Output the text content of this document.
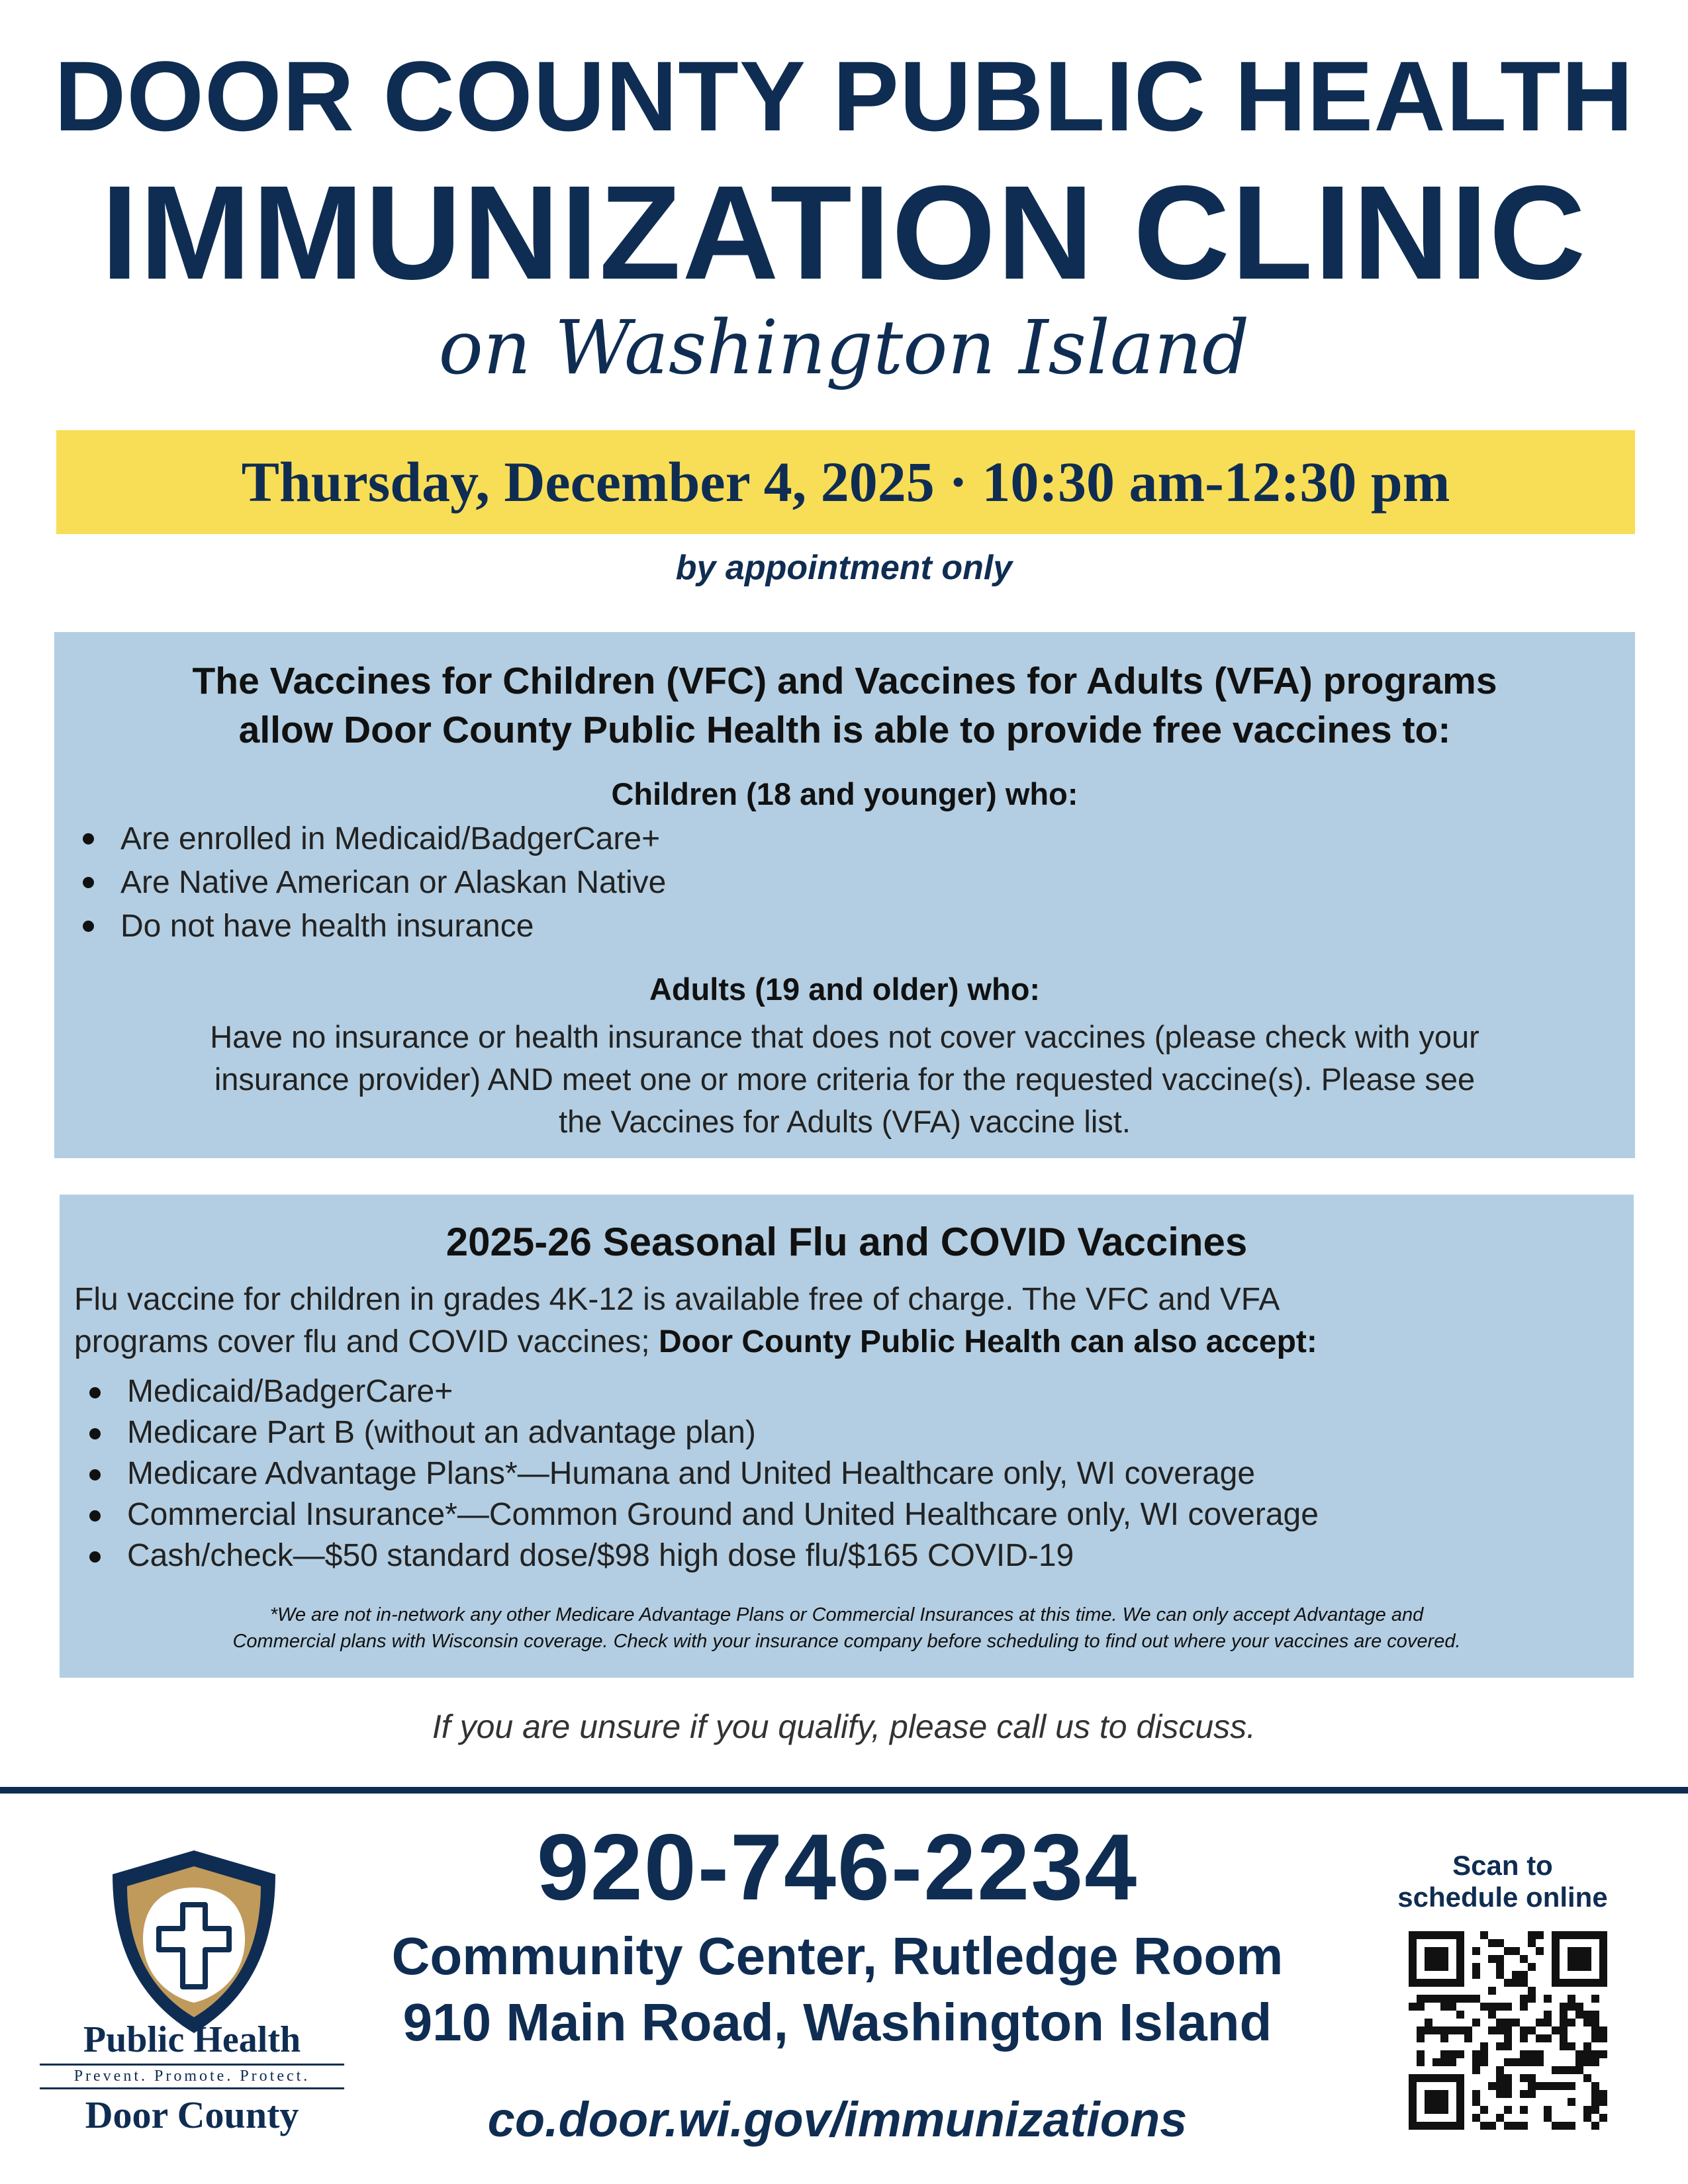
DOOR COUNTY PUBLIC HEALTH
IMMUNIZATION CLINIC
on Washington Island
Thursday, December 4, 2025 · 10:30 am-12:30 pm
by appointment only
The Vaccines for Children (VFC) and Vaccines for Adults (VFA) programs
allow Door County Public Health is able to provide free vaccines to:
Children (18 and younger) who:
Are enrolled in Medicaid/BadgerCare+
Are Native American or Alaskan Native
Do not have health insurance
Adults (19 and older) who:
Have no insurance or health insurance that does not cover vaccines (please check with your
insurance provider) AND meet one or more criteria for the requested vaccine(s). Please see
the Vaccines for Adults (VFA) vaccine list.
2025-26 Seasonal Flu and COVID Vaccines
Flu vaccine for children in grades 4K-12 is available free of charge. The VFC and VFA
programs cover flu and COVID vaccines; Door County Public Health can also accept:
Medicaid/BadgerCare+
Medicare Part B (without an advantage plan)
Medicare Advantage Plans*—Humana and United Healthcare only, WI coverage
Commercial Insurance*—Common Ground and United Healthcare only, WI coverage
Cash/check—$50 standard dose/$98 high dose flu/$165 COVID-19
*We are not in-network any other Medicare Advantage Plans or Commercial Insurances at this time. We can only accept Advantage and
Commercial plans with Wisconsin coverage. Check with your insurance company before scheduling to find out where your vaccines are covered.
If you are unsure if you qualify, please call us to discuss.
Public Health
Prevent. Promote. Protect.
Door County
920-746-2234
Community Center, Rutledge Room
910 Main Road, Washington Island
co.door.wi.gov/immunizations
Scan to
schedule online
